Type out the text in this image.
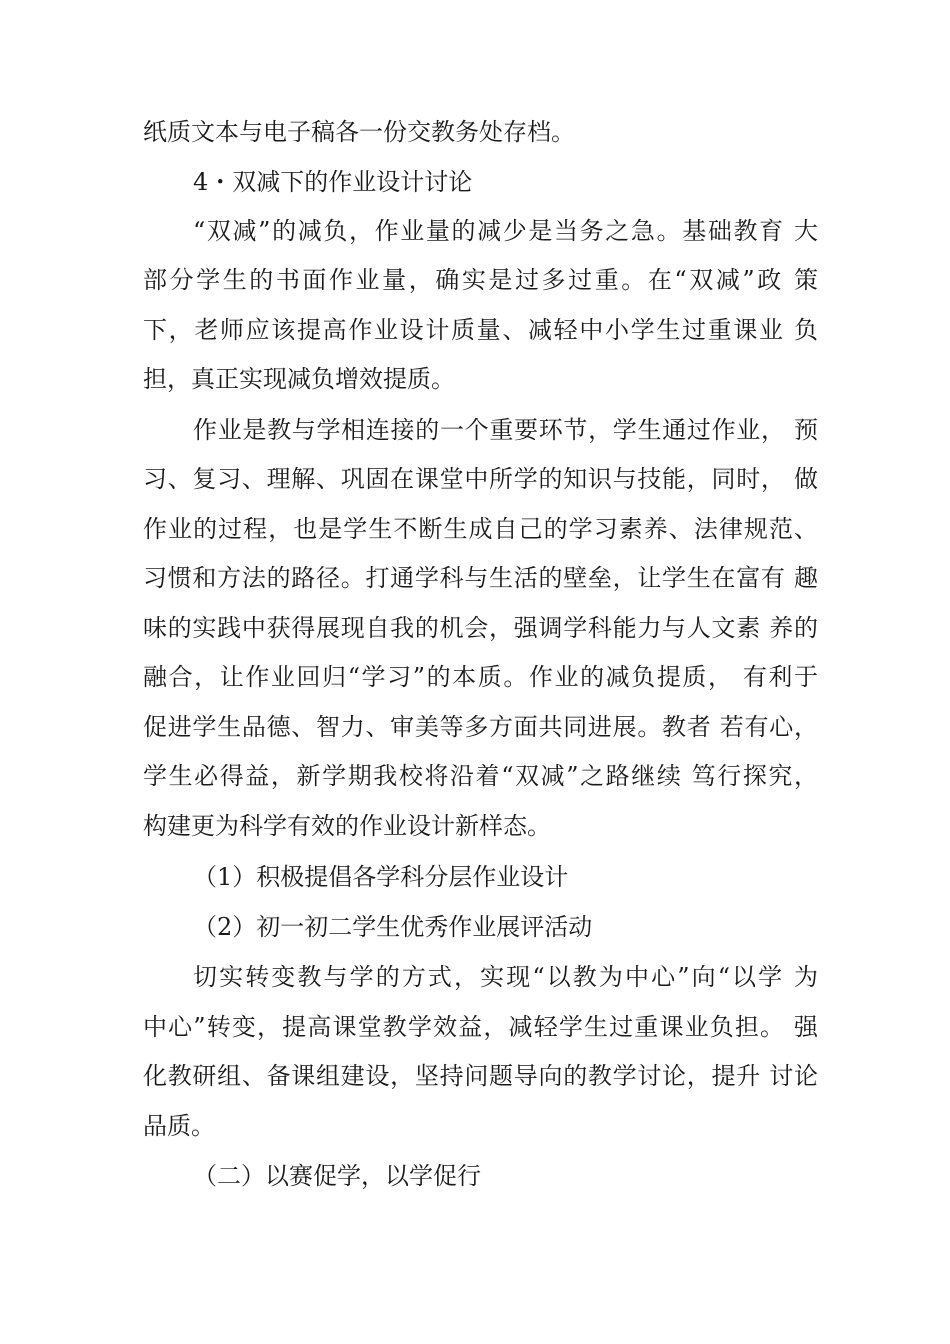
纸质文本与电子稿各一份交教务处存档。
4・双减下的作业设计讨论
“双减”的减负，作业量的减少是当务之急。基础教育 大
部分学生的书面作业量，确实是过多过重。在“双减”政 策
下，老师应该提高作业设计质量、减轻中小学生过重课业 负
担，真正实现减负增效提质。
作业是教与学相连接的一个重要环节，学生通过作业， 预
习、复习、理解、巩固在课堂中所学的知识与技能，同时， 做
作业的过程，也是学生不断生成自己的学习素养、法律规范、
习惯和方法的路径。打通学科与生活的壁垒，让学生在富有 趣
味的实践中获得展现自我的机会，强调学科能力与人文素 养的
融合，让作业回归“学习”的本质。作业的减负提质， 有利于
促进学生品德、智力、审美等多方面共同进展。教者 若有心，
学生必得益，新学期我校将沿着“双减”之路继续 笃行探究，
构建更为科学有效的作业设计新样态。
（1）积极提倡各学科分层作业设计
（2）初一初二学生优秀作业展评活动
切实转变教与学的方式，实现“以教为中心”向“以学 为
中心”转变，提高课堂教学效益，减轻学生过重课业负担。 强
化教研组、备课组建设，坚持问题导向的教学讨论，提升 讨论
品质。
（二）以赛促学，以学促行
